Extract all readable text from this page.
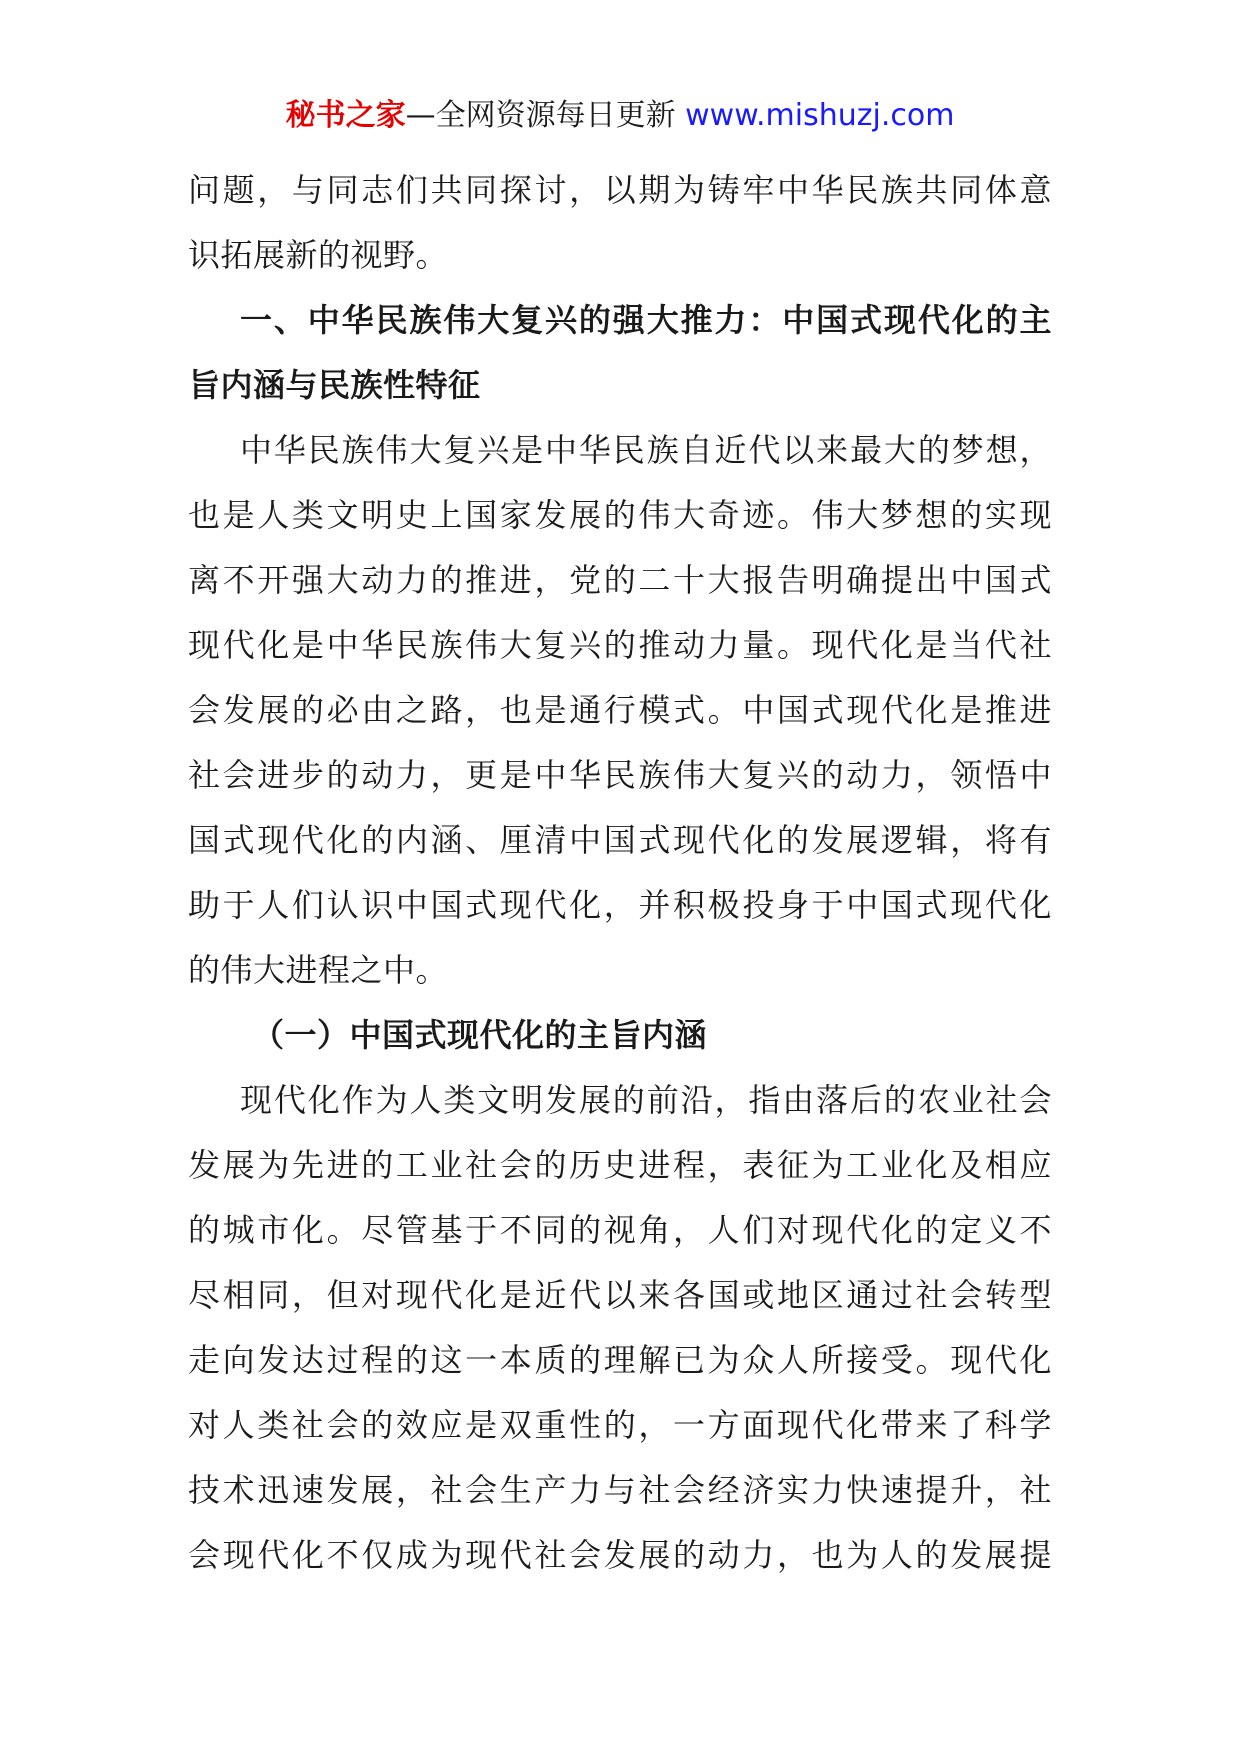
秘书之家—全网资源每日更新 www.mishuzj.com
问题，与同志们共同探讨，以期为铸牢中华民族共同体意
识拓展新的视野。
一、中华民族伟大复兴的强大推力：中国式现代化的主
旨内涵与民族性特征
中华民族伟大复兴是中华民族自近代以来最大的梦想，
也是人类文明史上国家发展的伟大奇迹。伟大梦想的实现
离不开强大动力的推进，党的二十大报告明确提出中国式
现代化是中华民族伟大复兴的推动力量。现代化是当代社
会发展的必由之路，也是通行模式。中国式现代化是推进
社会进步的动力，更是中华民族伟大复兴的动力，领悟中
国式现代化的内涵、厘清中国式现代化的发展逻辑，将有
助于人们认识中国式现代化，并积极投身于中国式现代化
的伟大进程之中。
（一）中国式现代化的主旨内涵
现代化作为人类文明发展的前沿，指由落后的农业社会
发展为先进的工业社会的历史进程，表征为工业化及相应
的城市化。尽管基于不同的视角，人们对现代化的定义不
尽相同，但对现代化是近代以来各国或地区通过社会转型
走向发达过程的这一本质的理解已为众人所接受。现代化
对人类社会的效应是双重性的，一方面现代化带来了科学
技术迅速发展，社会生产力与社会经济实力快速提升，社
会现代化不仅成为现代社会发展的动力，也为人的发展提
